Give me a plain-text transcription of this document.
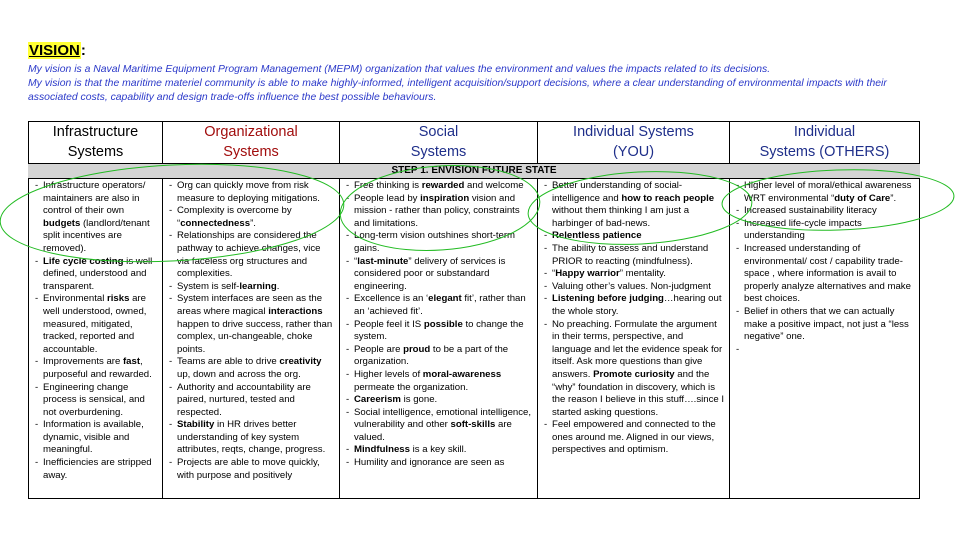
VISION:

My vision is a Naval Maritime Equipment Program Management (MEPM) organization that values the environment and values the impacts related to its decisions.

My vision is that the maritime materiel community is able to make highly-informed, intelligent acquisition/support decisions, where a clear understanding of environmental impacts with their associated costs, capability and design trade-offs influence the best possible behaviours.

Infrastructure
Systems
- Infrastructure operators/ maintainers are also in control of their own budgets (landlord/tenant split incentives are removed).
- Life cycle costing is well defined, understood and transparent.
- Environmental risks are well understood, owned, measured, mitigated, tracked, reported and accountable.
- Improvements are fast, purposeful and rewarded.
- Engineering change process is sensical, and not overburdening.
- Information is available, dynamic, visible and meaningful.
- Inefficiencies are stripped away.
Organizational
Systems
- Org can quickly move from risk measure to deploying mitigations.
- Complexity is overcome by “connectedness”.
- Relationships are considered the pathway to achieve changes, vice via faceless org structures and complexities.
- System is self-learning.
- System interfaces are seen as the areas where magical interactions happen to drive success, rather than complex, un-changeable, choke points.
- Teams are able to drive creativity up, down and across the org.
- Authority and accountability are paired, nurtured, tested and respected.
- Stability in HR drives better understanding of key system attributes, reqts, change, progress.
- Projects are able to move quickly, with purpose and positively
Social
Systems
- Free thinking is rewarded and welcome
- People lead by inspiration vision and mission - rather than policy, constraints and limitations.
- Long-term vision outshines short-term gains.
- “last-minute” delivery of services is considered poor or substandard engineering.
- Excellence is an ‘elegant fit’, rather than an ‘achieved fit’.
- People feel it IS possible to change the system.
- People are proud to be a part of the organization.
- Higher levels of moral-awareness permeate the organization.
- Careerism is gone.
- Social intelligence, emotional intelligence, vulnerability and other soft-skills are valued.
- Mindfulness is a key skill.
- Humility and ignorance are seen as
Individual Systems
(YOU)
- Better understanding of social-intelligence and how to reach people without them thinking I am just a harbinger of bad-news.
- Relentless patience
- The ability to assess and understand PRIOR to reacting (mindfulness).
- “Happy warrior” mentality.
- Valuing other’s values. Non-judgment
- Listening before judging…hearing out the whole story.
- No preaching. Formulate the argument in their terms, perspective, and language and let the evidence speak for itself. Ask more questions than give answers. Promote curiosity and the “why” foundation in discovery, which is the reason I believe in this stuff….since I started asking questions.
- Feel empowered and connected to the ones around me. Aligned in our views, perspectives and optimism.
Individual
Systems (OTHERS)
- Higher level of moral/ethical awareness WRT environmental “duty of Care”.
- Increased sustainability literacy
- Increased life-cycle impacts understanding
- Increased understanding of environmental/ cost / capability trade-space , where information is avail to properly analyze alternatives and make best choices.
- Belief in others that we can actually make a positive impact, not just a “less negative” one.
STEP 1. ENVISION FUTURE STATE
